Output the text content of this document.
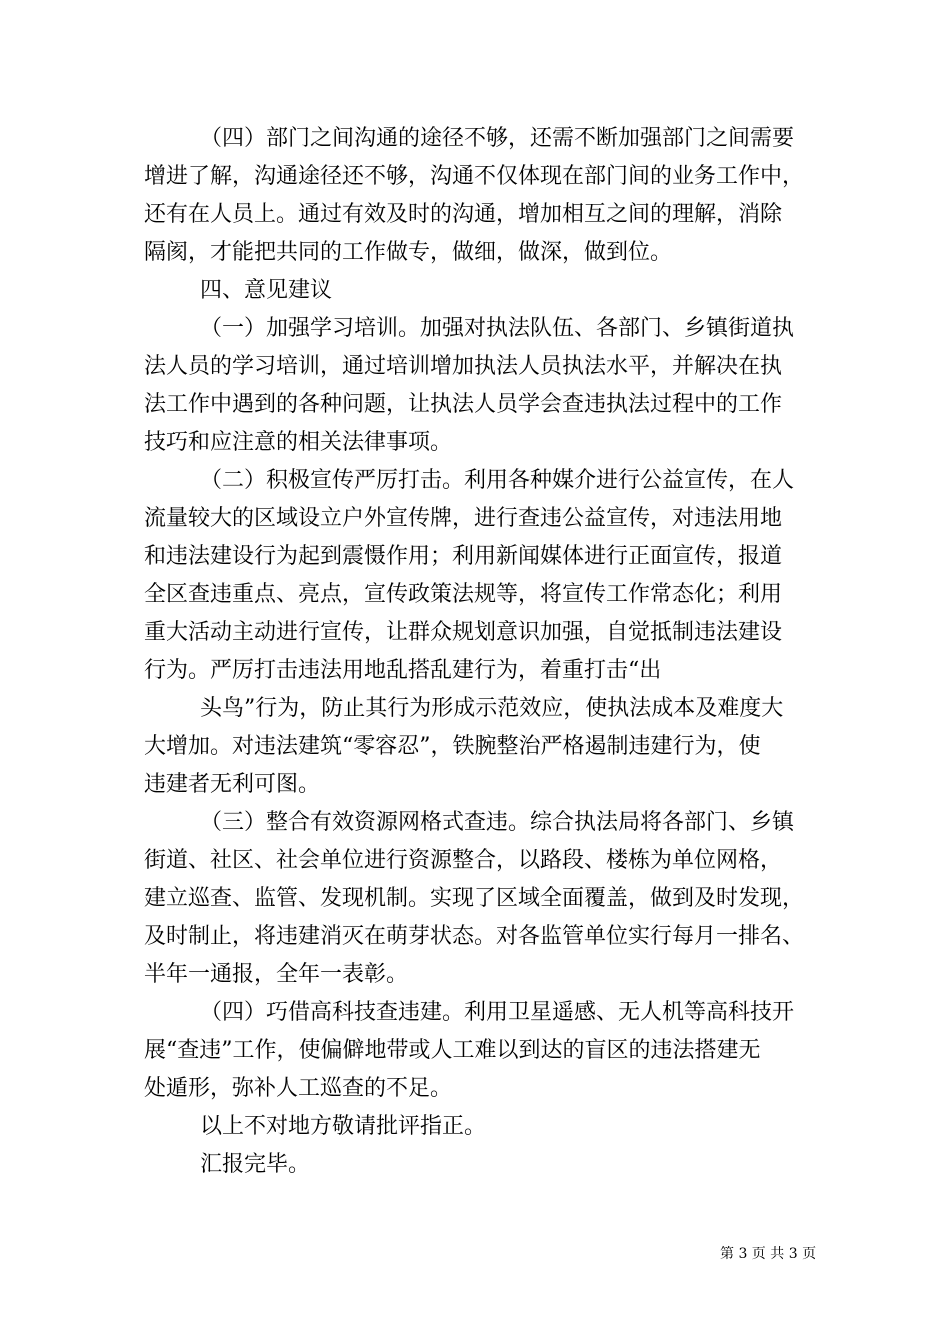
（四）部门之间沟通的途径不够，还需不断加强部门之间需要

增进了解，沟通途径还不够，沟通不仅体现在部门间的业务工作中，

还有在人员上。通过有效及时的沟通，增加相互之间的理解，消除

隔阂，才能把共同的工作做专，做细，做深，做到位。

四、意见建议

（一）加强学习培训。加强对执法队伍、各部门、乡镇街道执

法人员的学习培训，通过培训增加执法人员执法水平，并解决在执

法工作中遇到的各种问题，让执法人员学会查违执法过程中的工作

技巧和应注意的相关法律事项。

（二）积极宣传严厉打击。利用各种媒介进行公益宣传，在人

流量较大的区域设立户外宣传牌，进行查违公益宣传，对违法用地

和违法建设行为起到震慑作用；利用新闻媒体进行正面宣传，报道

全区查违重点、亮点，宣传政策法规等，将宣传工作常态化；利用

重大活动主动进行宣传，让群众规划意识加强，自觉抵制违法建设

行为。严厉打击违法用地乱搭乱建行为，着重打击“出

头鸟”行为，防止其行为形成示范效应，使执法成本及难度大

大增加。对违法建筑“零容忍”，铁腕整治严格遏制违建行为，使

违建者无利可图。

（三）整合有效资源网格式查违。综合执法局将各部门、乡镇

街道、社区、社会单位进行资源整合，以路段、楼栋为单位网格，

建立巡查、监管、发现机制。实现了区域全面覆盖，做到及时发现，

及时制止，将违建消灭在萌芽状态。对各监管单位实行每月一排名、

半年一通报，全年一表彰。

（四）巧借高科技查违建。利用卫星遥感、无人机等高科技开

展“查违”工作，使偏僻地带或人工难以到达的盲区的违法搭建无

处遁形，弥补人工巡查的不足。

以上不对地方敬请批评指正。

汇报完毕。

第 3 页 共 3 页
